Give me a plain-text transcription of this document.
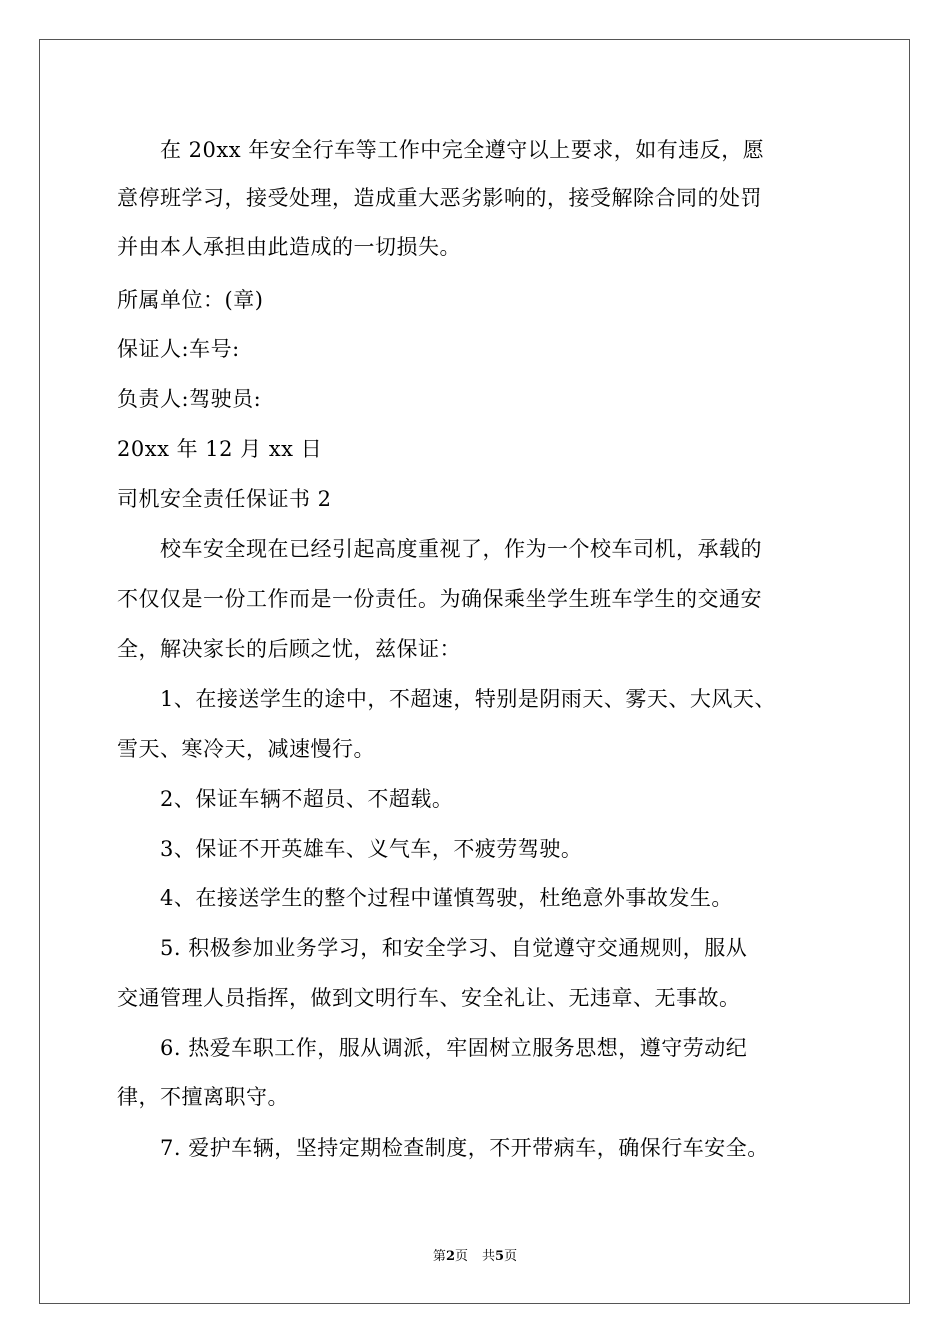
在 20xx 年安全行车等工作中完全遵守以上要求，如有违反，愿
意停班学习，接受处理，造成重大恶劣影响的，接受解除合同的处罚
并由本人承担由此造成的一切损失。
所属单位：(章)
保证人:车号:
负责人:驾驶员:
20xx 年 12 月 xx 日
司机安全责任保证书 2
校车安全现在已经引起高度重视了，作为一个校车司机，承载的
不仅仅是一份工作而是一份责任。为确保乘坐学生班车学生的交通安
全，解决家长的后顾之忧，兹保证：
1、在接送学生的途中，不超速，特别是阴雨天、雾天、大风天、
雪天、寒冷天，减速慢行。
2、保证车辆不超员、不超载。
3、保证不开英雄车、义气车，不疲劳驾驶。
4、在接送学生的整个过程中谨慎驾驶，杜绝意外事故发生。
5. 积极参加业务学习，和安全学习、自觉遵守交通规则，服从
交通管理人员指挥，做到文明行车、安全礼让、无违章、无事故。
6. 热爱车职工作，服从调派，牢固树立服务思想，遵守劳动纪
律，不擅离职守。
7. 爱护车辆，坚持定期检查制度，不开带病车，确保行车安全。
第2页 共5页
